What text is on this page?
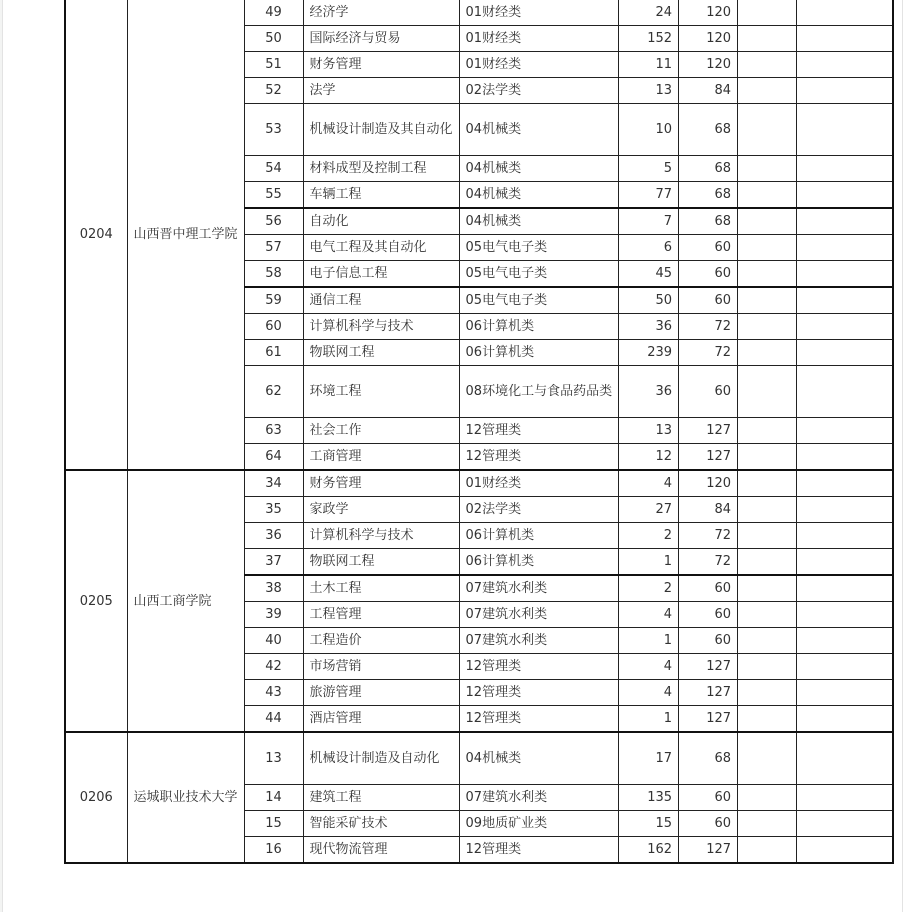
0204	山西晋中理工学院	49	经济学	01财经类	24	120		
		50	国际经济与贸易	01财经类	152	120		
		51	财务管理	01财经类	11	120		
		52	法学	02法学类	13	84		
		53	机械设计制造及其自动化	04机械类	10	68		
		54	材料成型及控制工程	04机械类	5	68		
		55	车辆工程	04机械类	77	68		
		56	自动化	04机械类	7	68		
		57	电气工程及其自动化	05电气电子类	6	60		
		58	电子信息工程	05电气电子类	45	60		
		59	通信工程	05电气电子类	50	60		
		60	计算机科学与技术	06计算机类	36	72		
		61	物联网工程	06计算机类	239	72		
		62	环境工程	08环境化工与食品药品类	36	60		
		63	社会工作	12管理类	13	127		
		64	工商管理	12管理类	12	127		
0205	山西工商学院	34	财务管理	01财经类	4	120		
		35	家政学	02法学类	27	84		
		36	计算机科学与技术	06计算机类	2	72		
		37	物联网工程	06计算机类	1	72		
		38	土木工程	07建筑水利类	2	60		
		39	工程管理	07建筑水利类	4	60		
		40	工程造价	07建筑水利类	1	60		
		42	市场营销	12管理类	4	127		
		43	旅游管理	12管理类	4	127		
		44	酒店管理	12管理类	1	127		
0206	运城职业技术大学	13	机械设计制造及自动化	04机械类	17	68		
		14	建筑工程	07建筑水利类	135	60		
		15	智能采矿技术	09地质矿业类	15	60		
		16	现代物流管理	12管理类	162	127		
